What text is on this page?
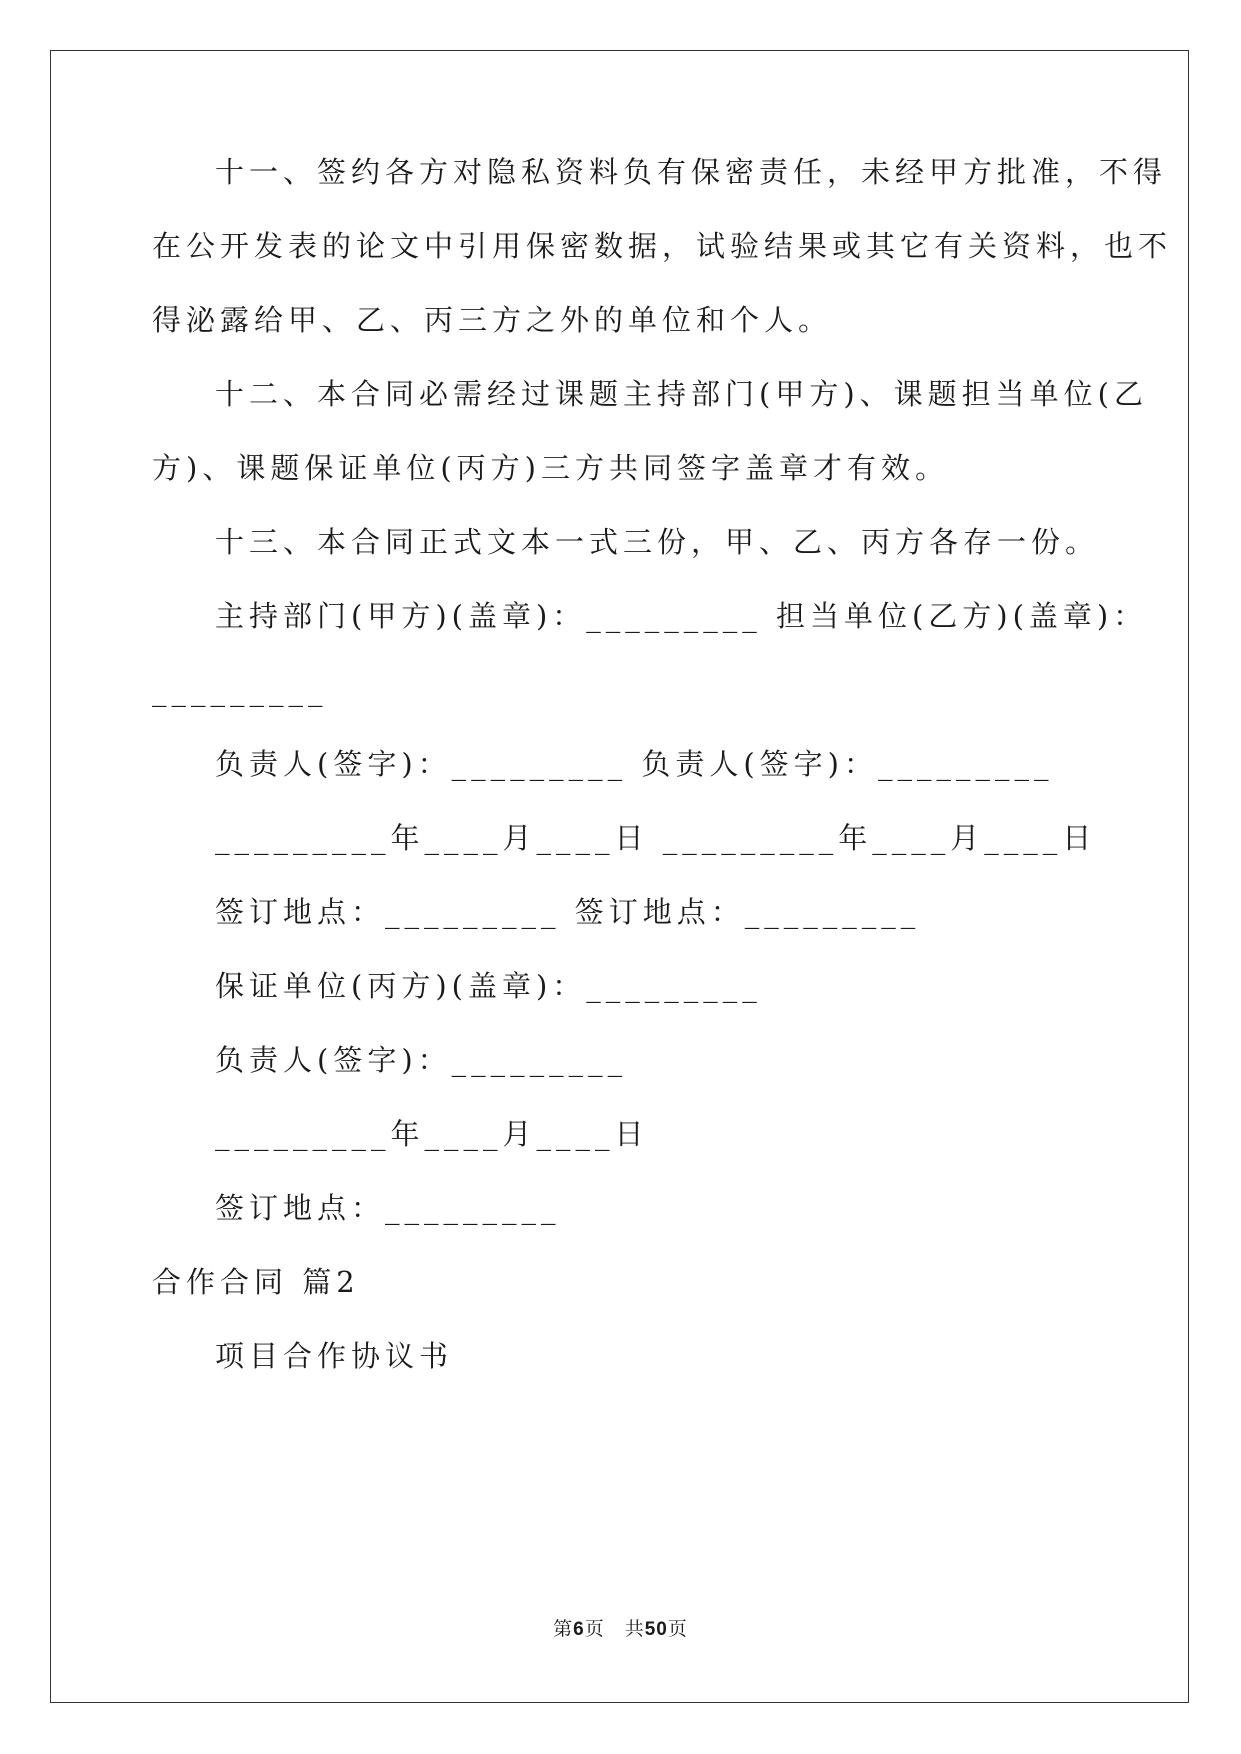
十一、签约各方对隐私资料负有保密责任，未经甲方批准，不得
在公开发表的论文中引用保密数据，试验结果或其它有关资料，也不
得泌露给甲、乙、丙三方之外的单位和个人。
十二、本合同必需经过课题主持部门(甲方)、课题担当单位(乙
方)、课题保证单位(丙方)三方共同签字盖章才有效。
十三、本合同正式文本一式三份，甲、乙、丙方各存一份。
主持部门(甲方)(盖章)：_________ 担当单位(乙方)(盖章)：
_________
负责人(签字)：_________ 负责人(签字)：_________
_________年____月____日 _________年____月____日
签订地点：_________ 签订地点：_________
保证单位(丙方)(盖章)：_________
负责人(签字)：_________
_________年____月____日
签订地点：_________
合作合同 篇2
项目合作协议书
第6页　共50页
